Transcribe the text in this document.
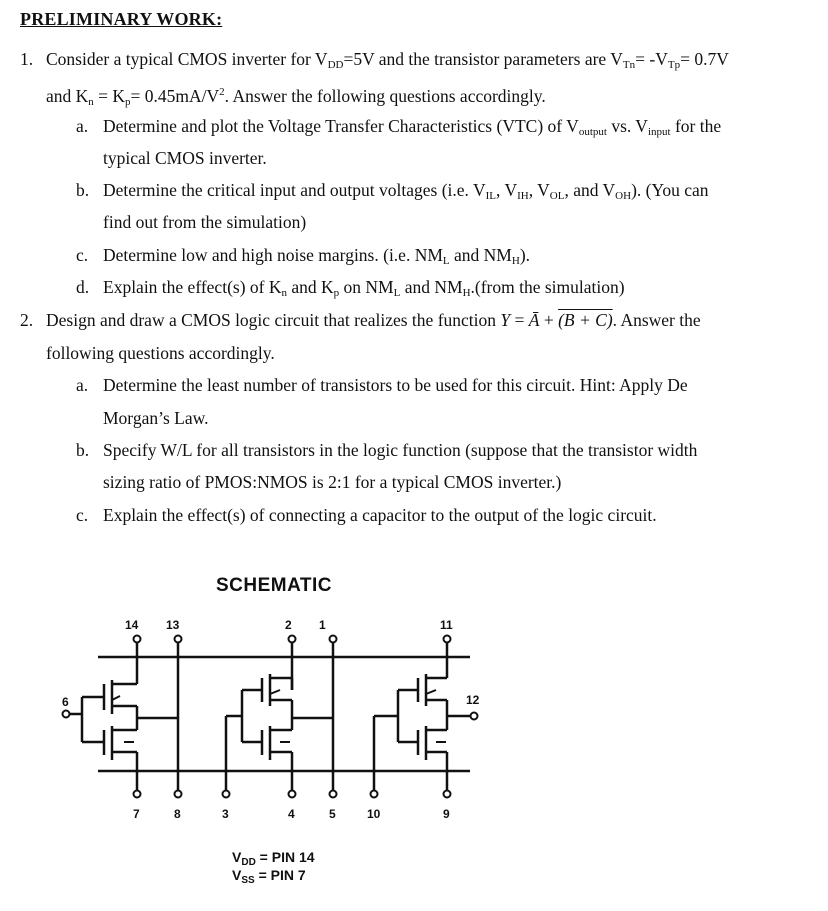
PRELIMINARY WORK:
1. Consider a typical CMOS inverter for $V_{DD}=5V$ and the transistor parameters are $V_{Tn}= -V_{Tp}= 0.7V$
and $K_n = K_p= 0.45mA/V^2$. Answer the following questions accordingly.
a. Determine and plot the Voltage Transfer Characteristics (VTC) of $V_{output}$ vs. $V_{input}$ for the
typical CMOS inverter.
b. Determine the critical input and output voltages (i.e. $V_{IL}$, $V_{IH}$, $V_{OL}$, and $V_{OH}$). (You can
find out from the simulation)
c. Determine low and high noise margins. (i.e. $NM_L$ and $NM_H$).
d. Explain the effect(s) of $K_n$ and $K_p$ on $NM_L$ and $NM_H.(from$ the simulation)
2. Design and draw a CMOS logic circuit that realizes the function Y = Ā + (B + C). Answer the
following questions accordingly.
a. Determine the least number of transistors to be used for this circuit. Hint: Apply De
Morgan’s Law.
b. Specify W/L for all transistors in the logic function (suppose that the transistor width
sizing ratio of PMOS:NMOS is 2:1 for a typical CMOS inverter.)
c. Explain the effect(s) of connecting a capacitor to the output of the logic circuit.
SCHEMATIC
14 13	2 1	11
6	12
7	8	3	4	5	10	9
$V_{DD}$ = PIN 14
$V_{SS}$ = PIN 7
